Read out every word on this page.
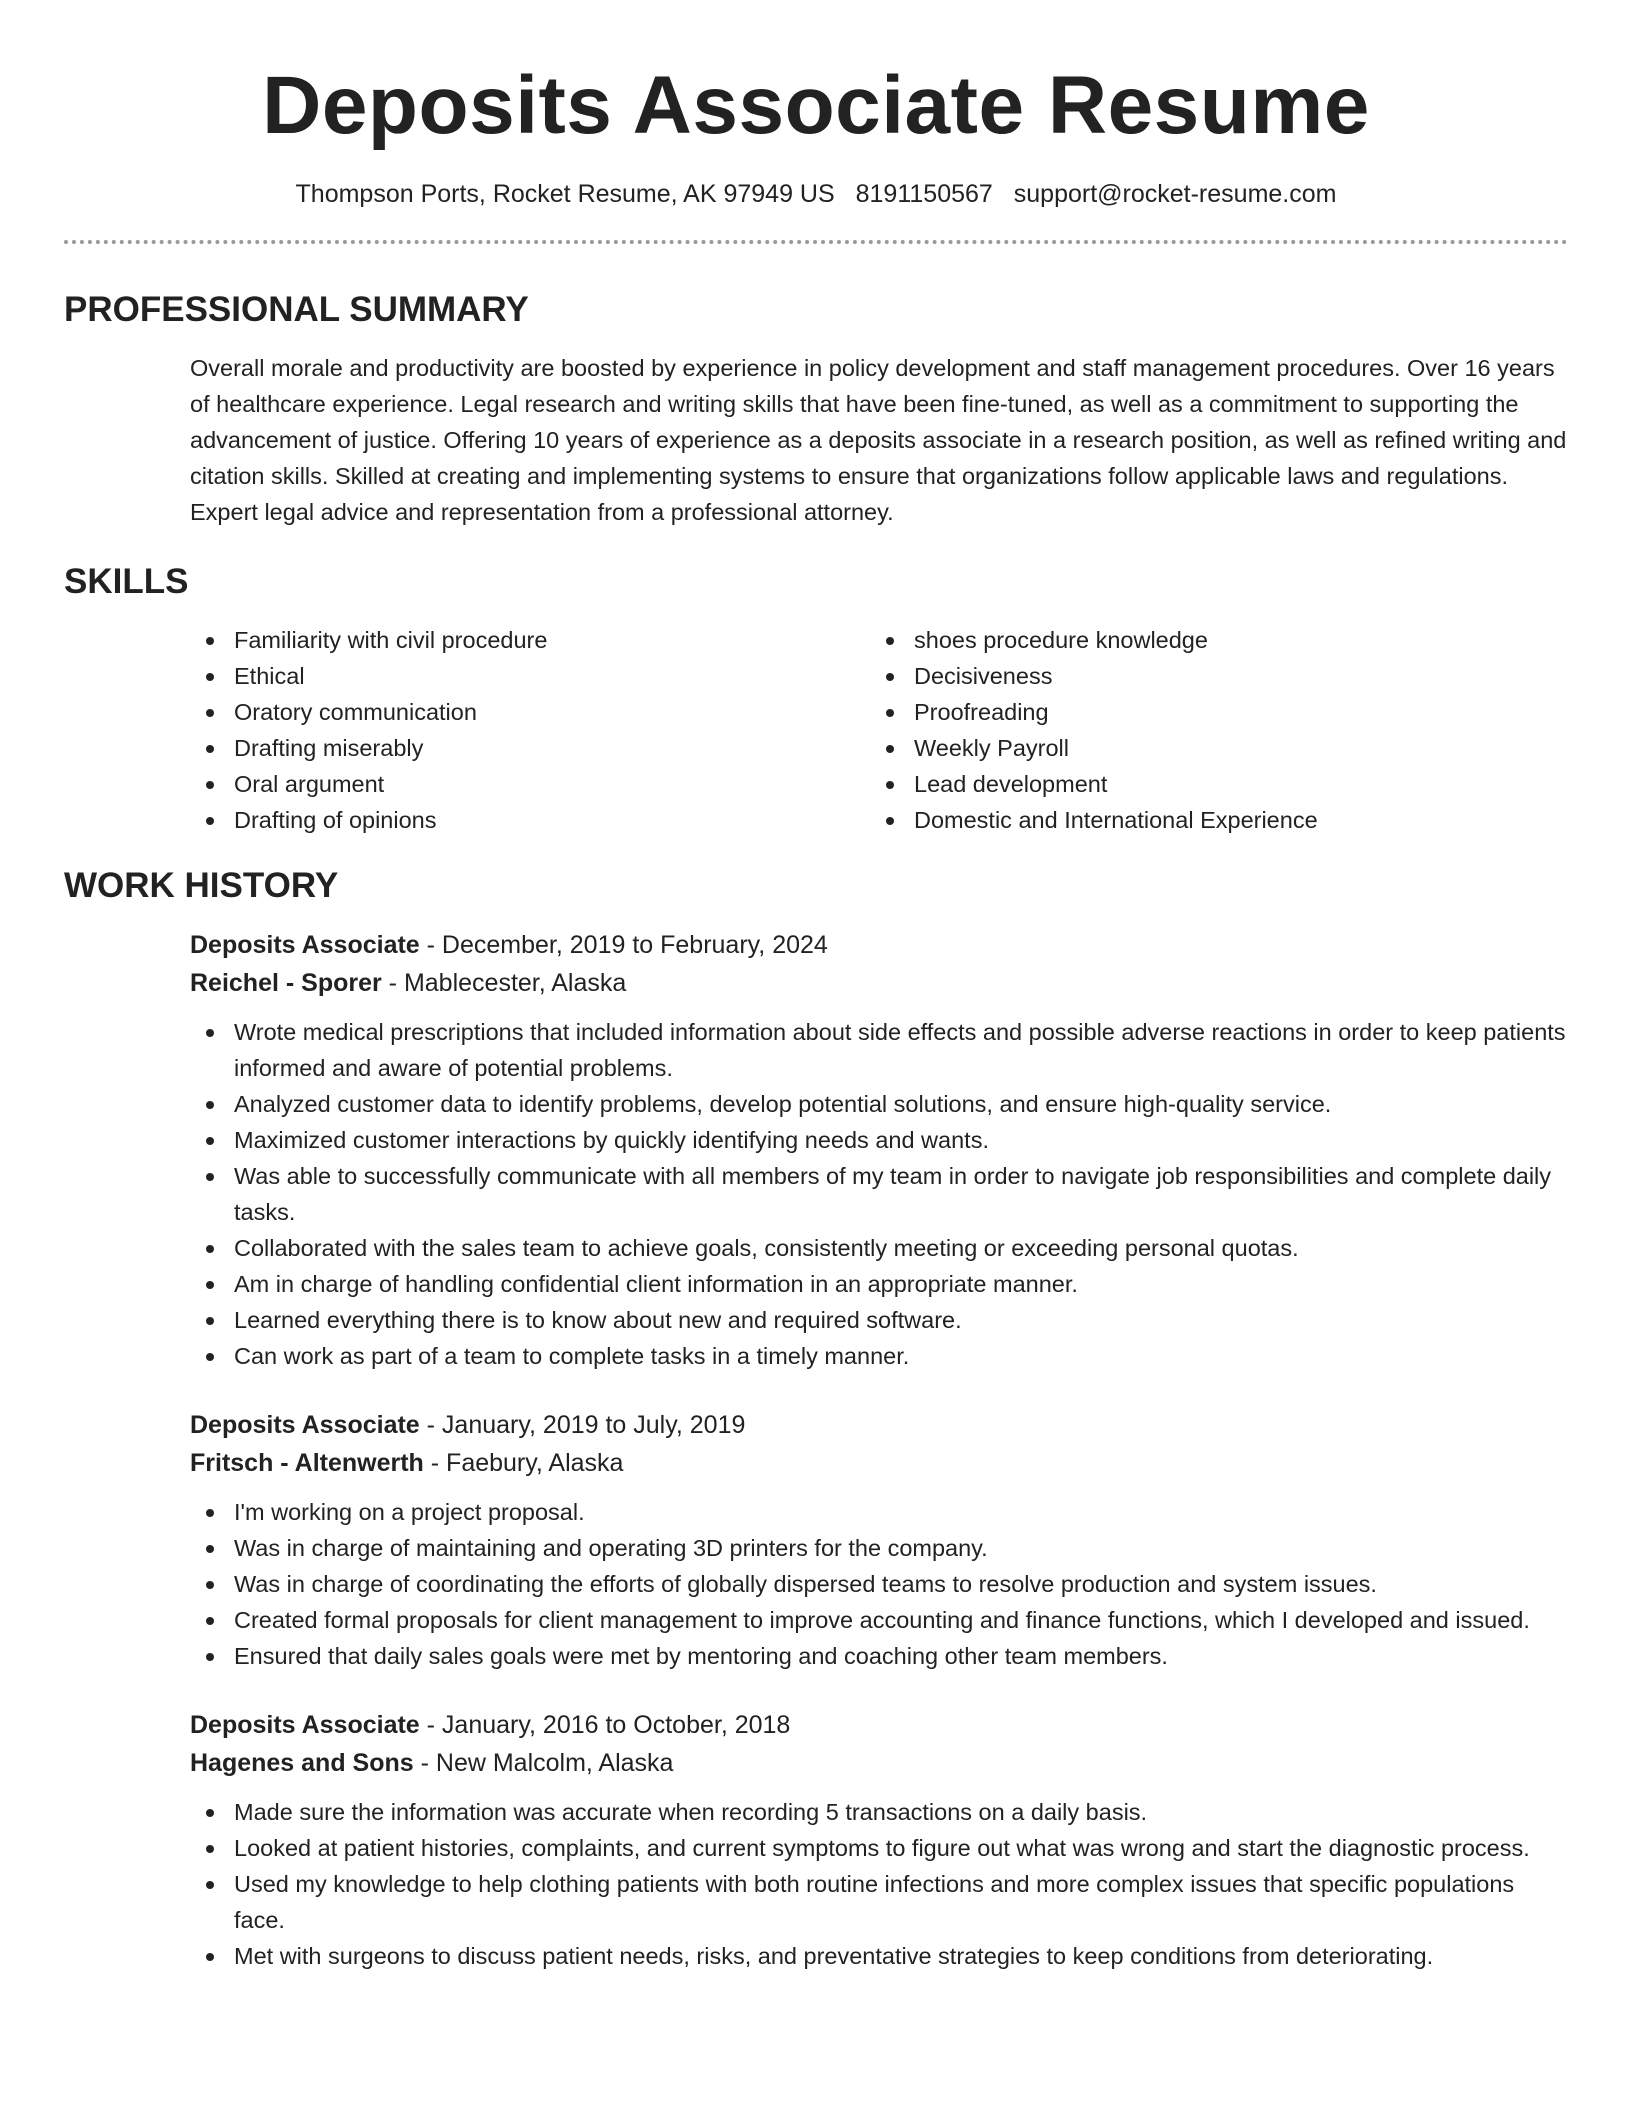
Deposits Associate Resume
Thompson Ports, Rocket Resume, AK 97949 US 8191150567 support@rocket-resume.com
PROFESSIONAL SUMMARY

Overall morale and productivity are boosted by experience in policy development and staff management procedures. Over 16 years of healthcare experience. Legal research and writing skills that have been fine-tuned, as well as a commitment to supporting the advancement of justice. Offering 10 years of experience as a deposits associate in a research position, as well as refined writing and citation skills. Skilled at creating and implementing systems to ensure that organizations follow applicable laws and regulations. Expert legal advice and representation from a professional attorney.

SKILLS
Familiarity with civil procedure
Ethical
Oratory communication
Drafting miserably
Oral argument
Drafting of opinions
shoes procedure knowledge
Decisiveness
Proofreading
Weekly Payroll
Lead development
Domestic and International Experience
WORK HISTORY
Deposits Associate - December, 2019 to February, 2024
Reichel - Sporer - Mablecester, Alaska
Wrote medical prescriptions that included information about side effects and possible adverse reactions in order to keep patients informed and aware of potential problems.
Analyzed customer data to identify problems, develop potential solutions, and ensure high-quality service.
Maximized customer interactions by quickly identifying needs and wants.
Was able to successfully communicate with all members of my team in order to navigate job responsibilities and complete daily tasks.
Collaborated with the sales team to achieve goals, consistently meeting or exceeding personal quotas.
Am in charge of handling confidential client information in an appropriate manner.
Learned everything there is to know about new and required software.
Can work as part of a team to complete tasks in a timely manner.
Deposits Associate - January, 2019 to July, 2019
Fritsch - Altenwerth - Faebury, Alaska
I'm working on a project proposal.
Was in charge of maintaining and operating 3D printers for the company.
Was in charge of coordinating the efforts of globally dispersed teams to resolve production and system issues.
Created formal proposals for client management to improve accounting and finance functions, which I developed and issued.
Ensured that daily sales goals were met by mentoring and coaching other team members.
Deposits Associate - January, 2016 to October, 2018
Hagenes and Sons - New Malcolm, Alaska
Made sure the information was accurate when recording 5 transactions on a daily basis.
Looked at patient histories, complaints, and current symptoms to figure out what was wrong and start the diagnostic process.
Used my knowledge to help clothing patients with both routine infections and more complex issues that specific populations face.
Met with surgeons to discuss patient needs, risks, and preventative strategies to keep conditions from deteriorating.
